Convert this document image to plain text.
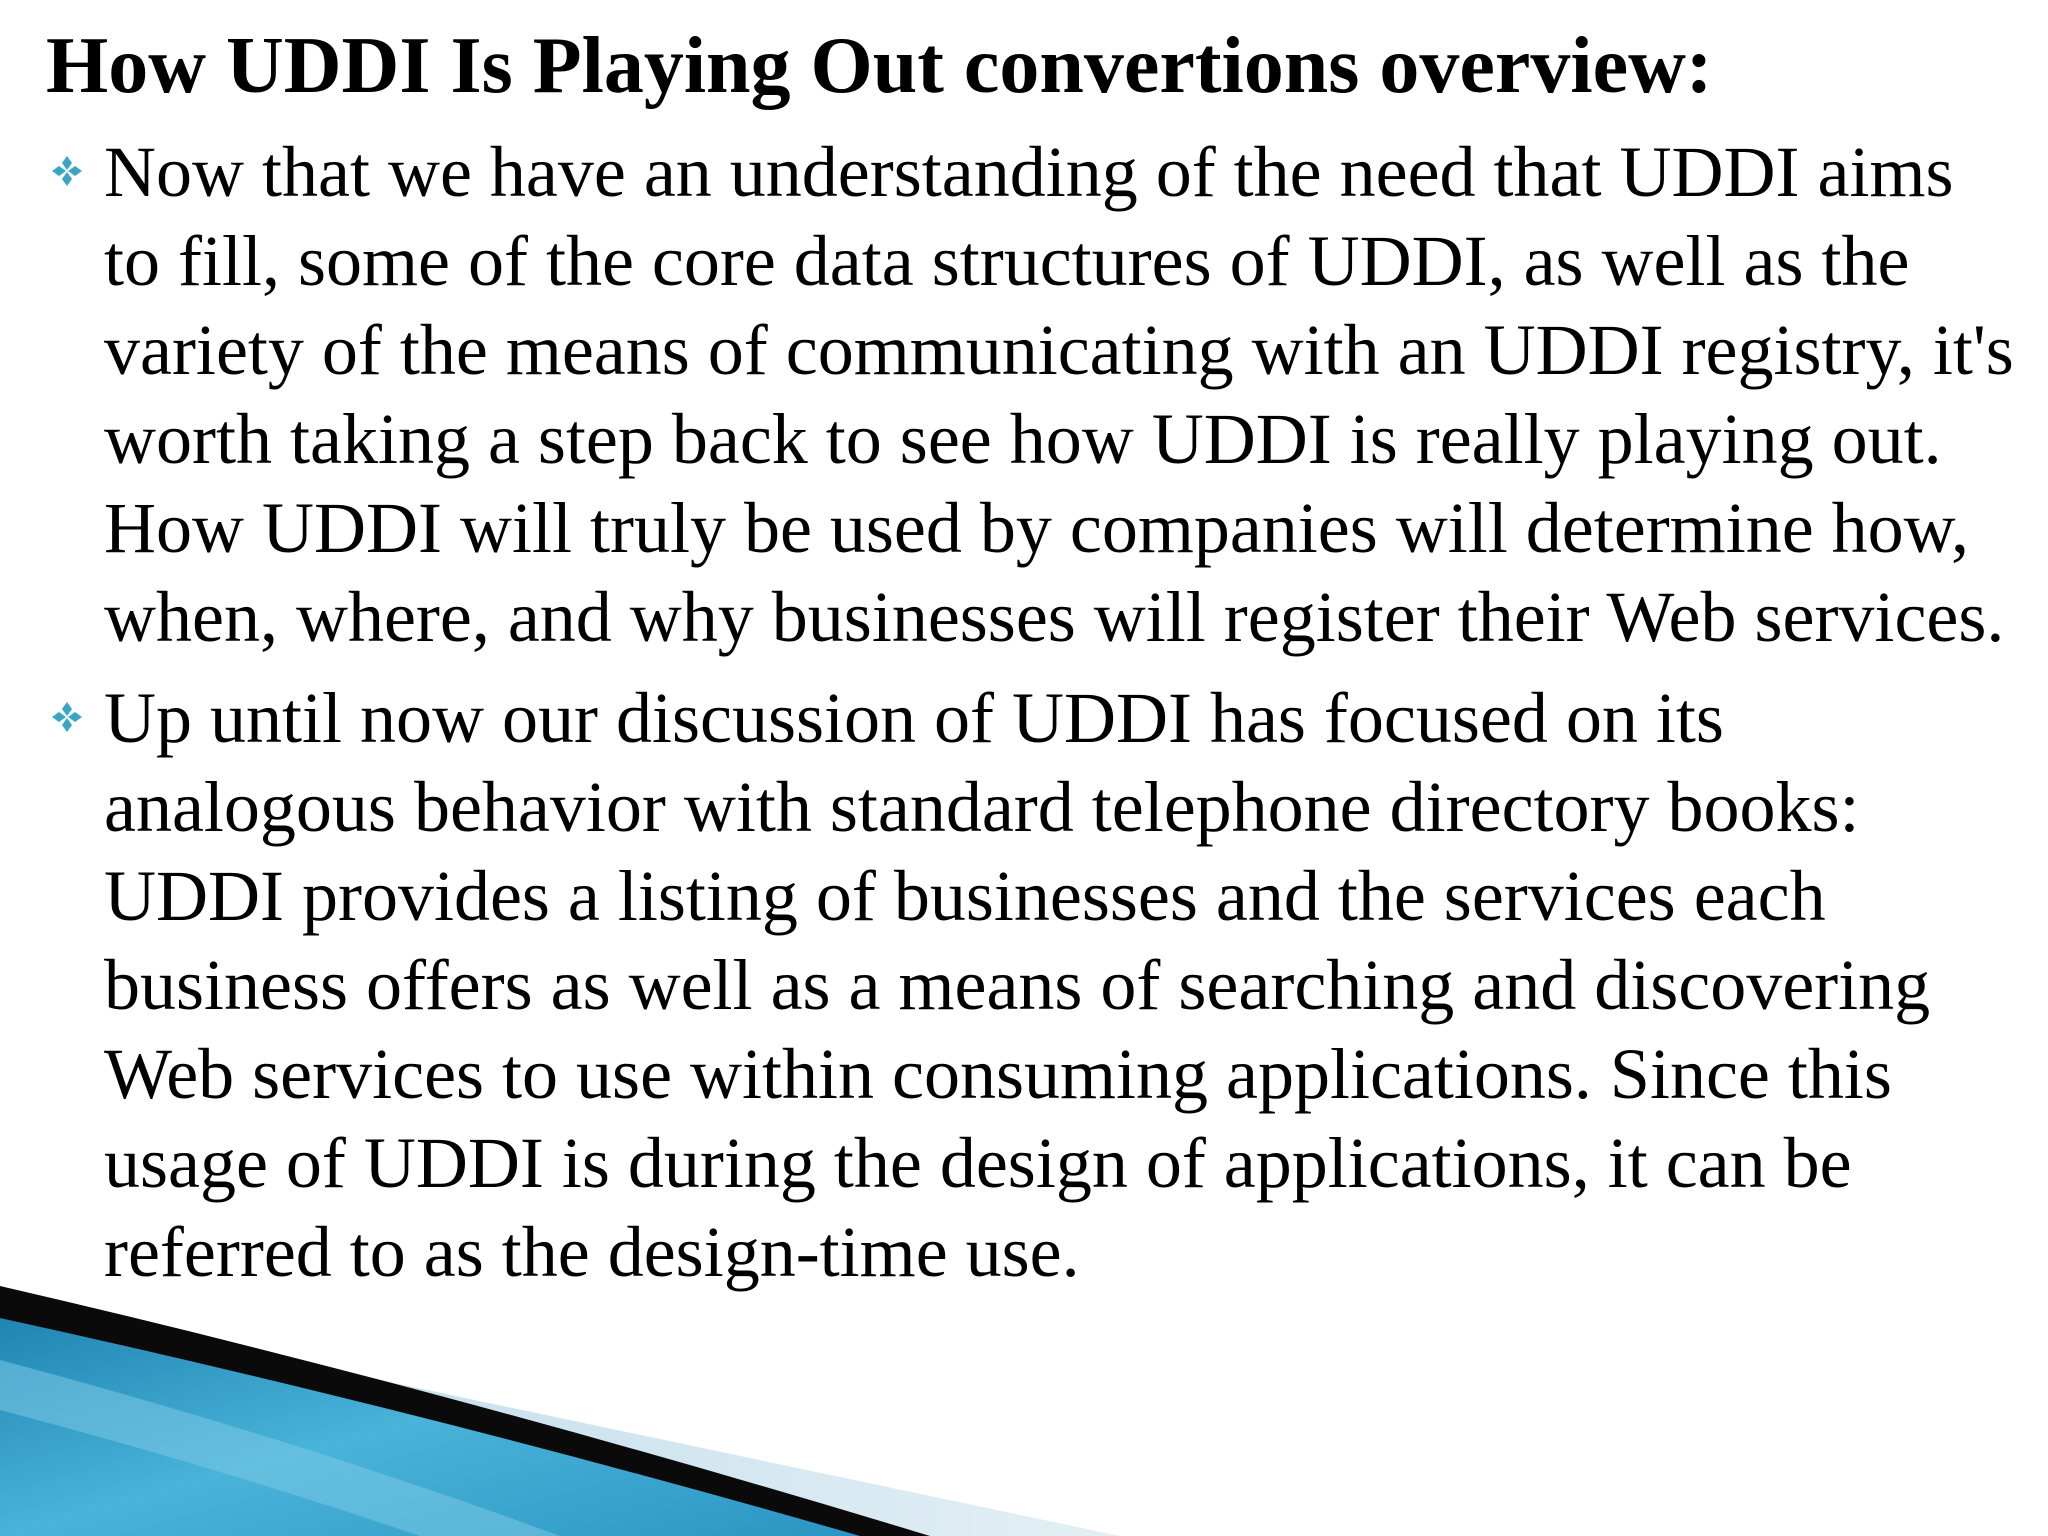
How UDDI Is Playing Out convertions overview:
Now that we have an understanding of the need that UDDI aims to fill, some of the core data structures of UDDI, as well as the variety of the means of communicating with an UDDI registry, it's worth taking a step back to see how UDDI is really playing out. How UDDI will truly be used by companies will determine how, when, where, and why businesses will register their Web services.
Up until now our discussion of UDDI has focused on its analogous behavior with standard telephone directory books: UDDI provides a listing of businesses and the services each business offers as well as a means of searching and discovering Web services to use within consuming applications. Since this usage of UDDI is during the design of applications, it can be referred to as the design-time use.
